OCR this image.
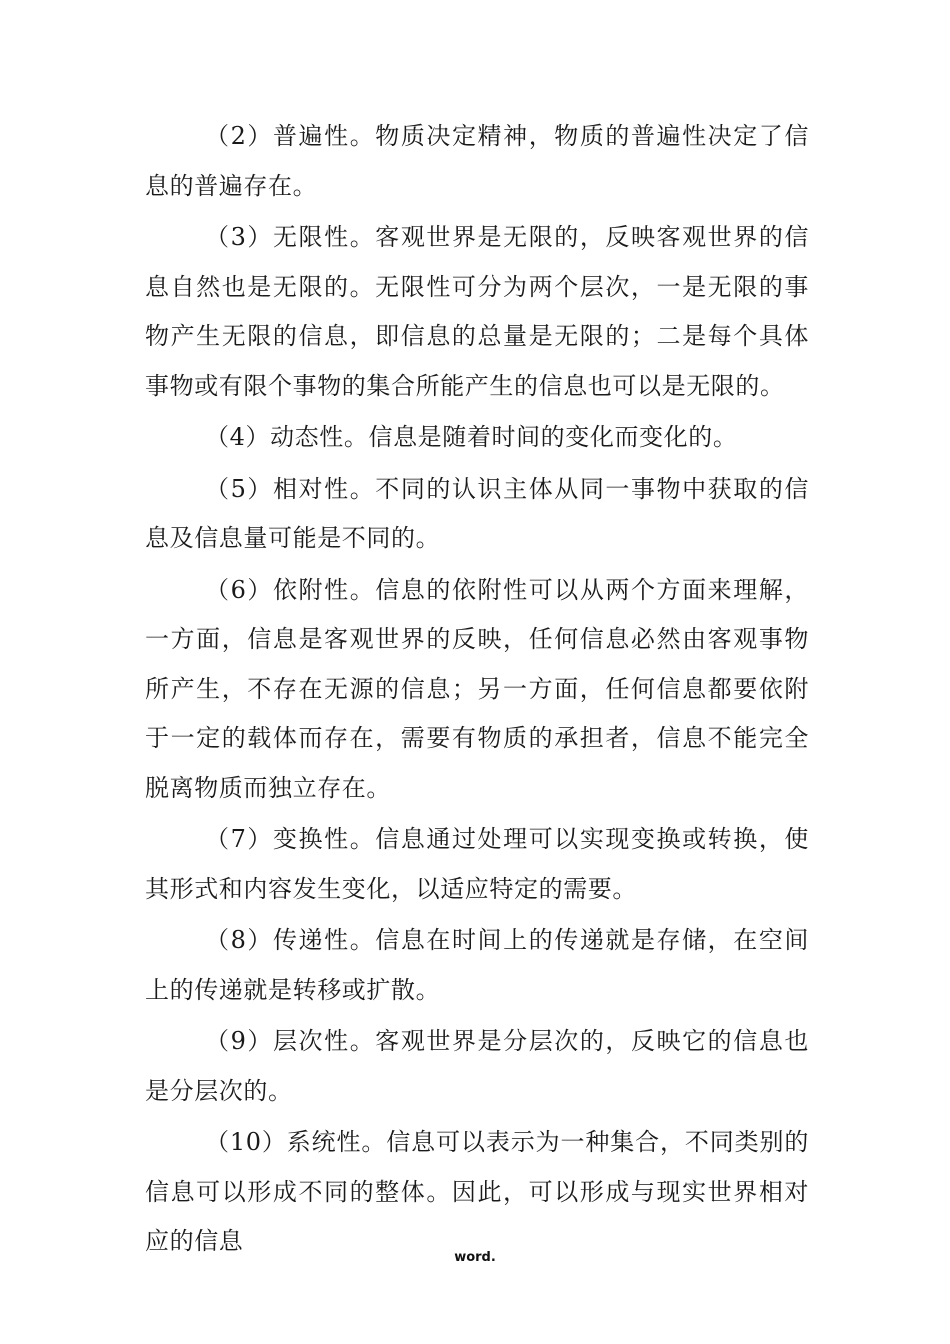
（2）普遍性。物质决定精神，物质的普遍性决定了信息的普遍存在。

（3）无限性。客观世界是无限的，反映客观世界的信息自然也是无限的。无限性可分为两个层次，一是无限的事物产生无限的信息，即信息的总量是无限的；二是每个具体事物或有限个事物的集合所能产生的信息也可以是无限的。

（4）动态性。信息是随着时间的变化而变化的。

（5）相对性。不同的认识主体从同一事物中获取的信息及信息量可能是不同的。

（6）依附性。信息的依附性可以从两个方面来理解，一方面，信息是客观世界的反映，任何信息必然由客观事物所产生，不存在无源的信息；另一方面，任何信息都要依附于一定的载体而存在，需要有物质的承担者，信息不能完全脱离物质而独立存在。

（7）变换性。信息通过处理可以实现变换或转换，使其形式和内容发生变化，以适应特定的需要。

（8）传递性。信息在时间上的传递就是存储，在空间上的传递就是转移或扩散。

（9）层次性。客观世界是分层次的，反映它的信息也是分层次的。

（10）系统性。信息可以表示为一种集合，不同类别的信息可以形成不同的整体。因此，可以形成与现实世界相对应的信息

word.
